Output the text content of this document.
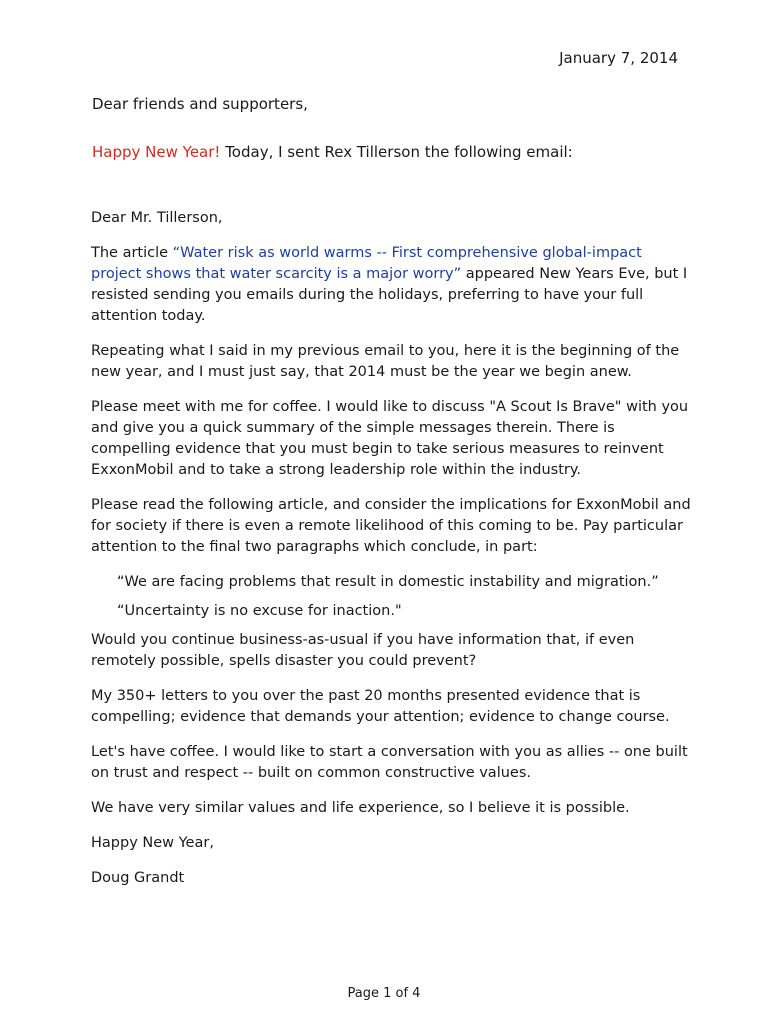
January 7, 2014
Dear friends and supporters,
Happy New Year! Today, I sent Rex Tillerson the following email:

Dear Mr. Tillerson,

The article “Water risk as world warms -- First comprehensive global-impact project shows that water scarcity is a major worry” appeared New Years Eve, but I resisted sending you emails during the holidays, preferring to have your full attention today.

Repeating what I said in my previous email to you, here it is the beginning of the new year, and I must just say, that 2014 must be the year we begin anew.

Please meet with me for coffee. I would like to discuss "A Scout Is Brave" with you and give you a quick summary of the simple messages therein. There is compelling evidence that you must begin to take serious measures to reinvent ExxonMobil and to take a strong leadership role within the industry.

Please read the following article, and consider the implications for ExxonMobil and for society if there is even a remote likelihood of this coming to be. Pay particular attention to the final two paragraphs which conclude, in part:

“We are facing problems that result in domestic instability and migration.”

“Uncertainty is no excuse for inaction."

Would you continue business-as-usual if you have information that, if even remotely possible, spells disaster you could prevent?

My 350+ letters to you over the past 20 months presented evidence that is compelling; evidence that demands your attention; evidence to change course.

Let's have coffee. I would like to start a conversation with you as allies -- one built on trust and respect -- built on common constructive values.

We have very similar values and life experience, so I believe it is possible.

Happy New Year,

Doug Grandt

Page 1 of 4
